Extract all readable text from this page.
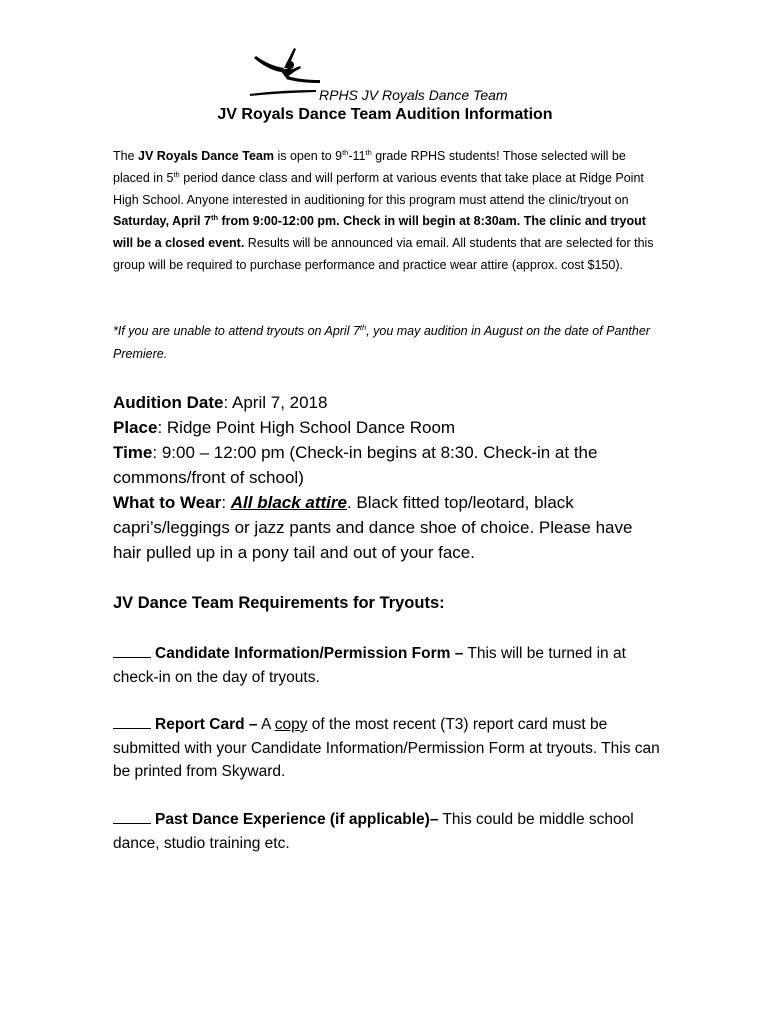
RPHS JV Royals Dance Team
JV Royals Dance Team Audition Information
The JV Royals Dance Team is open to 9th-11th grade RPHS students! Those selected will be placed in 5th period dance class and will perform at various events that take place at Ridge Point High School. Anyone interested in auditioning for this program must attend the clinic/tryout on Saturday, April 7th from 9:00-12:00 pm. Check in will begin at 8:30am. The clinic and tryout will be a closed event. Results will be announced via email. All students that are selected for this group will be required to purchase performance and practice wear attire (approx. cost $150).
*If you are unable to attend tryouts on April 7th, you may audition in August on the date of Panther Premiere.
Audition Date: April 7, 2018
Place: Ridge Point High School Dance Room
Time: 9:00 – 12:00 pm (Check-in begins at 8:30. Check-in at the commons/front of school)
What to Wear: All black attire. Black fitted top/leotard, black capri’s/leggings or jazz pants and dance shoe of choice. Please have hair pulled up in a pony tail and out of your face.
JV Dance Team Requirements for Tryouts:
Candidate Information/Permission Form – This will be turned in at check-in on the day of tryouts.
Report Card – A copy of the most recent (T3) report card must be submitted with your Candidate Information/Permission Form at tryouts. This can be printed from Skyward.
Past Dance Experience (if applicable)– This could be middle school dance, studio training etc.
